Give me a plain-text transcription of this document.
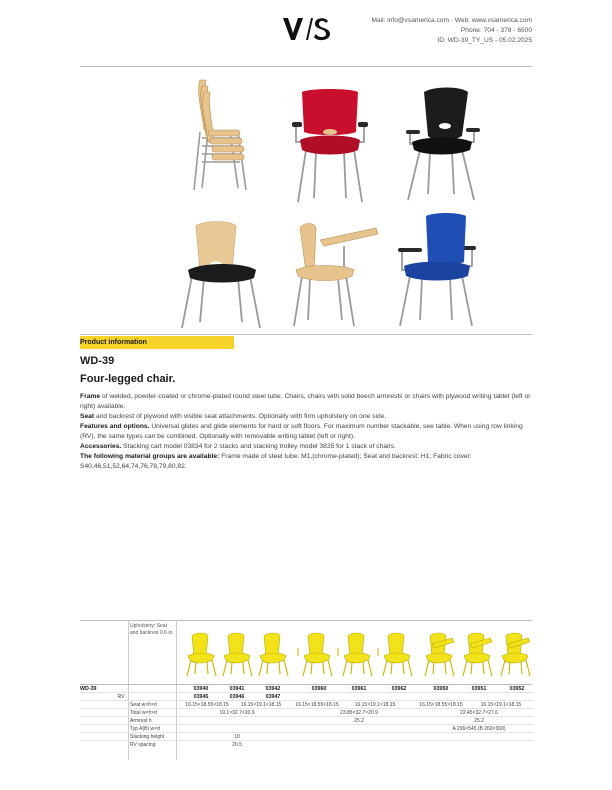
Mail: info@vsamerica.com · Web: www.vsamerica.com
Phone: 704 - 378 - 6500
ID: WD-39_TY_US - 05.02.2025
Product information
WD-39
Four-legged chair.

Frame of welded, powder-coated or chrome-plated round steel tube. Chairs, chairs with solid beech armrests or chairs with plywood writing tablet (left or right) available.

Seat and backrest of plywood with visible seat attachments. Optionally with firm upholstery on one side.

Features and options. Universal glides and glide elements for hard or soft floors. For maximum number stackable, see table. When using row linking (RV), the same types can be combined. Optionally with removable writing tablet (left or right).

Accessories. Stacking cart model 03834 for 2 stacks and stacking trolley model 3835 for 1 stack of chairs.

The following material groups are available: Frame made of steel tube: M1,(chrome-plated); Seat and backrest: H1; Fabric cover: S40,46,51,52,64,74,76,78,79,80,82.

Upholstery: Seat and backrest 0.6 in.
WD-39	03940	03941	03942	03960	03961	03962	03950	03951	03952
RV	03945	03946	03947
Seat w×h×d	16.15×18.55×18.15	16.15×19.1×18.15	16.15×18.55×18.15	16.15×19.1×18.15	16.15×18.55×18.15	16.15×19.1×18.15
Total w×h×d	19.1×32.7×20.9	23.85×32.7×20.9	22.45×32.7×27.6
Armrest h	25.2	25.2
Typ A(B) w×d	A 236×545 (B 260×360)
Stacking height	10
RV spacing	20.5
